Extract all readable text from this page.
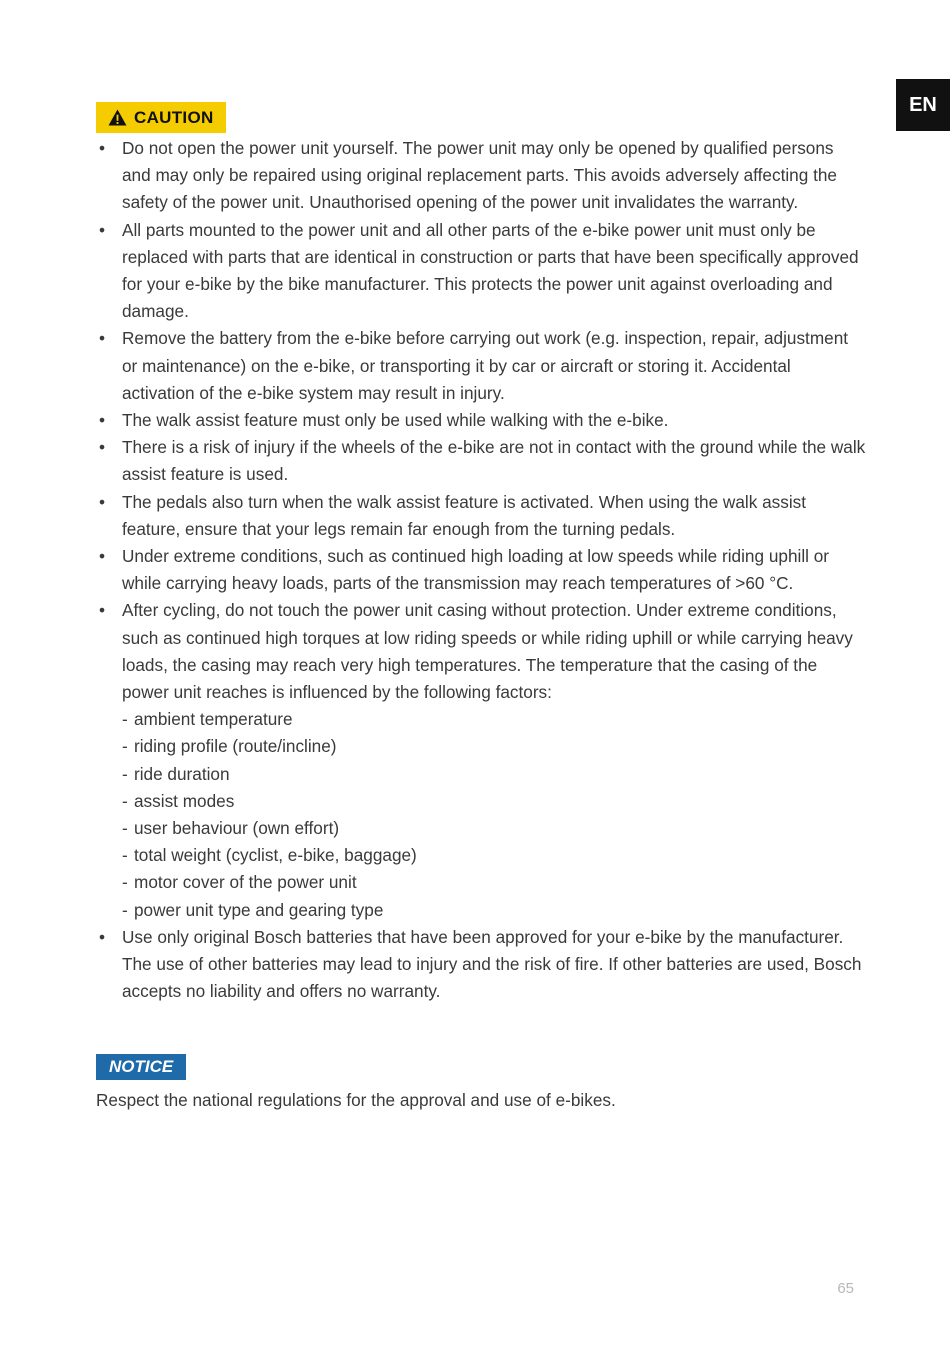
EN
CAUTION
• Do not open the power unit yourself. The power unit may only be opened by qualified persons and may only be repaired using original replacement parts. This avoids adversely affecting the safety of the power unit. Unauthorised opening of the power unit invalidates the warranty.
• All parts mounted to the power unit and all other parts of the e-bike power unit must only be replaced with parts that are identical in construction or parts that have been specifically approved for your e-bike by the bike manufacturer. This protects the power unit against overloading and damage.
• Remove the battery from the e-bike before carrying out work (e.g. inspection, repair, adjustment or maintenance) on the e-bike, or transporting it by car or aircraft or storing it. Accidental activation of the e-bike system may result in injury.
• The walk assist feature must only be used while walking with the e-bike.
• There is a risk of injury if the wheels of the e-bike are not in contact with the ground while the walk assist feature is used.
• The pedals also turn when the walk assist feature is activated. When using the walk assist feature, ensure that your legs remain far enough from the turning pedals.
• Under extreme conditions, such as continued high loading at low speeds while riding uphill or while carrying heavy loads, parts of the transmission may reach temperatures of >60 °C.
• After cycling, do not touch the power unit casing without protection. Under extreme conditions, such as continued high torques at low riding speeds or while riding uphill or while carrying heavy loads, the casing may reach very high temperatures. The temperature that the casing of the power unit reaches is influenced by the following factors:
- ambient temperature
- riding profile (route/incline)
- ride duration
- assist modes
- user behaviour (own effort)
- total weight (cyclist, e-bike, baggage)
- motor cover of the power unit
- power unit type and gearing type
• Use only original Bosch batteries that have been approved for your e-bike by the manufacturer. The use of other batteries may lead to injury and the risk of fire. If other batteries are used, Bosch accepts no liability and offers no warranty.
NOTICE
Respect the national regulations for the approval and use of e-bikes.
65
